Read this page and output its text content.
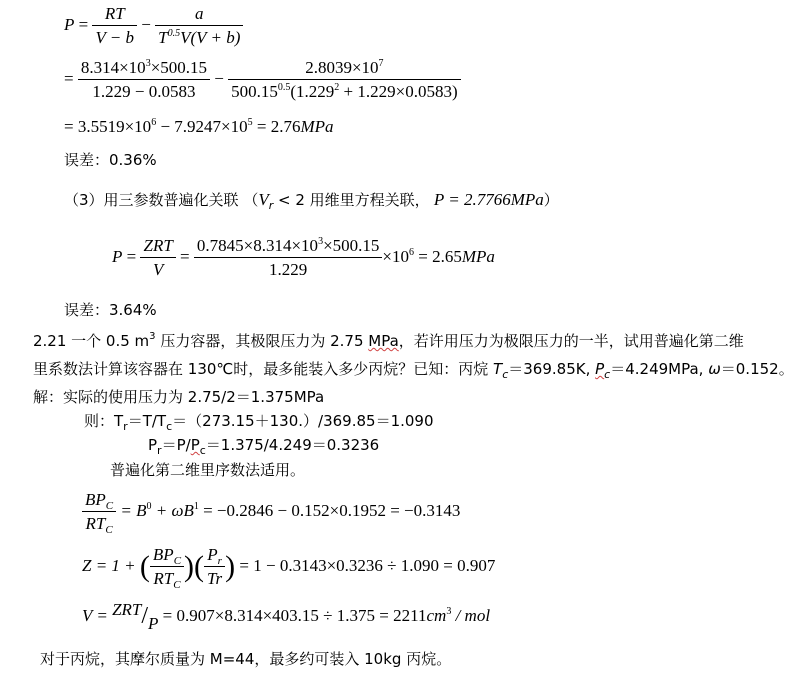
$P = \frac{RT}{V - b} - \frac{a}{T^{0.5}V(V + b)}$
= $\frac{8.314\times 10^3\times 500.15}{1.229 - 0.0583} - \frac{2.8039\times 10^7}{500.15^{0.5}(1.229^2 + 1.229\times 0.0583)}$
= $3.5519\times 10^6 - 7.9247\times 10^5 = 2.76MPa$
误差：0.36%
（3）用三参数普遍化关联 （$V_r < 2$ 用维里方程关联， P = 2.7766MPa）
$P = \frac{\text{ZRT}}{V} = \frac{0.7845\times 8.314\times 10^3\times 500.15}{1.229} \times 10^6 = 2.65MPa$
误差：3.64%
2.21 一个 0.5 $m^3$ 压力容器，其极限压力为 2.75 MPa，若许用压力为极限压力的一半，试用普遍化第二维
里系数法计算该容器在 130℃时，最多能装入多少丙烷？已知：丙烷 $T_c=369.85K$, $P_c=4.249MPa$, ω＝0.152。
解：实际的使用压力为 2.75/2＝1.375MPa
则：$T_r=T/T_c=(273.15+130.)/369.85=1.090$
$P_r=P/P_c=1.375/4.249=0.3236$
普遍化第二维里序数法适用。
$\frac{BP_C}{RT_C} = B^0 + \omega B^1 = -0.2846 - 0.152\times 0.1952 = -0.3143$
Z = 1 + ( $\frac{BP_C}{RT_C}$ )( $\frac{P_r}{Tr}$ ) = 1 − 0.3143×0.3236 ÷ 1.090 = 0.907
$V = ZRT/P = 0.907\times 8.314\times 403.15 \div 1.375 = 2211cm^3$ / mol
对于丙烷，其摩尔质量为 M=44，最多约可装入 10kg 丙烷。
